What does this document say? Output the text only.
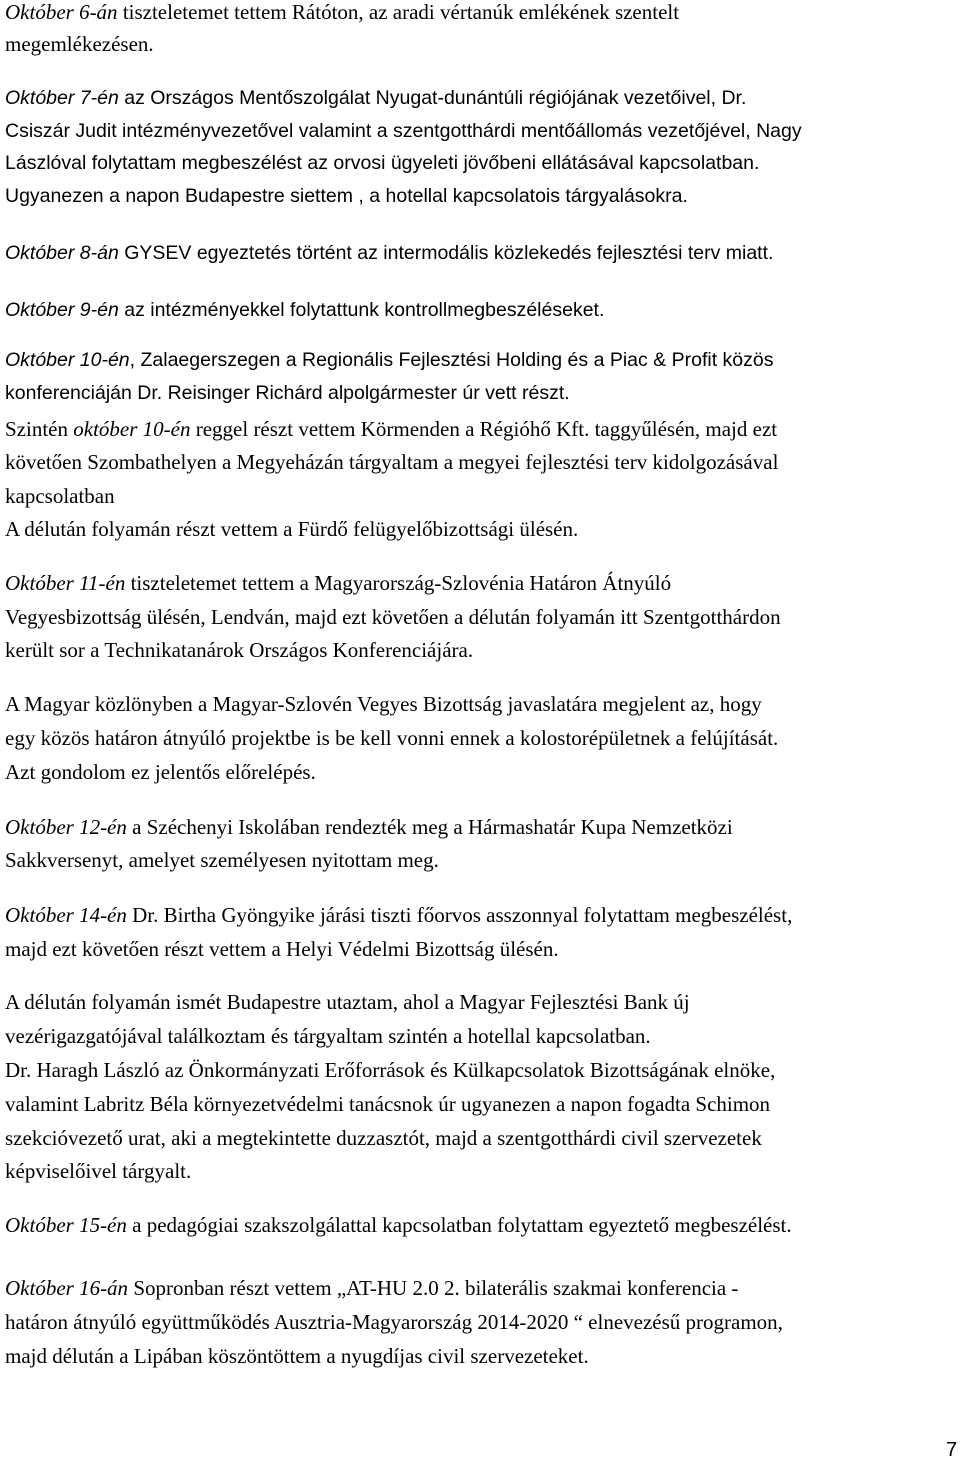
7
Október 6-án tiszteletemet tettem Rátóton, az aradi vértanúk emlékének szentelt
megemlékezésen.
Október 7-én az Országos Mentőszolgálat Nyugat-dunántúli régiójának vezetőivel, Dr.
Csiszár Judit intézményvezetővel valamint a szentgotthárdi mentőállomás vezetőjével, Nagy
Lászlóval folytattam megbeszélést az orvosi ügyeleti jövőbeni ellátásával kapcsolatban.
Ugyanezen a napon Budapestre siettem , a hotellal kapcsolatois tárgyalásokra.
Október 8-án GYSEV egyeztetés történt az intermodális közlekedés fejlesztési terv miatt.
Október 9-én az intézményekkel folytattunk kontrollmegbeszéléseket.
Október 10-én, Zalaegerszegen a Regionális Fejlesztési Holding és a Piac & Profit közös
konferenciáján Dr. Reisinger Richárd alpolgármester úr vett részt.
Szintén október 10-én reggel részt vettem Körmenden a Régióhő Kft. taggyűlésén, majd ezt
követően Szombathelyen a Megyeházán tárgyaltam a megyei fejlesztési terv kidolgozásával
kapcsolatban
A délután folyamán részt vettem a Fürdő felügyelőbizottsági ülésén.
Október 11-én tiszteletemet tettem a Magyarország-Szlovénia Határon Átnyúló
Vegyesbizottság ülésén, Lendván, majd ezt követően a délután folyamán itt Szentgotthárdon
került sor a Technikatanárok Országos Konferenciájára.
A Magyar közlönyben a Magyar-Szlovén Vegyes Bizottság javaslatára megjelent az, hogy
egy közös határon átnyúló projektbe is be kell vonni ennek a kolostorépületnek a felújítását.
Azt gondolom ez jelentős előrelépés.
Október 12-én a Széchenyi Iskolában rendezték meg a Hármashatár Kupa Nemzetközi
Sakkversenyt, amelyet személyesen nyitottam meg.
Október 14-én Dr. Birtha Gyöngyike járási tiszti főorvos asszonnyal folytattam megbeszélést,
majd ezt követően részt vettem a Helyi Védelmi Bizottság ülésén.
A délután folyamán ismét Budapestre utaztam, ahol a Magyar Fejlesztési Bank új
vezérigazgatójával találkoztam és tárgyaltam szintén a hotellal kapcsolatban.
Dr. Haragh László az Önkormányzati Erőforrások és Külkapcsolatok Bizottságának elnöke,
valamint Labritz Béla környezetvédelmi tanácsnok úr ugyanezen a napon fogadta Schimon
szekcióvezető urat, aki a megtekintette duzzasztót, majd a szentgotthárdi civil szervezetek
képviselőivel tárgyalt.
Október 15-én a pedagógiai szakszolgálattal kapcsolatban folytattam egyeztető megbeszélést.
Október 16-án Sopronban részt vettem „AT-HU 2.0 2. bilaterális szakmai konferencia -
határon átnyúló együttműködés Ausztria-Magyarország 2014-2020 “ elnevezésű programon,
majd délután a Lipában köszöntöttem a nyugdíjas civil szervezeteket.
